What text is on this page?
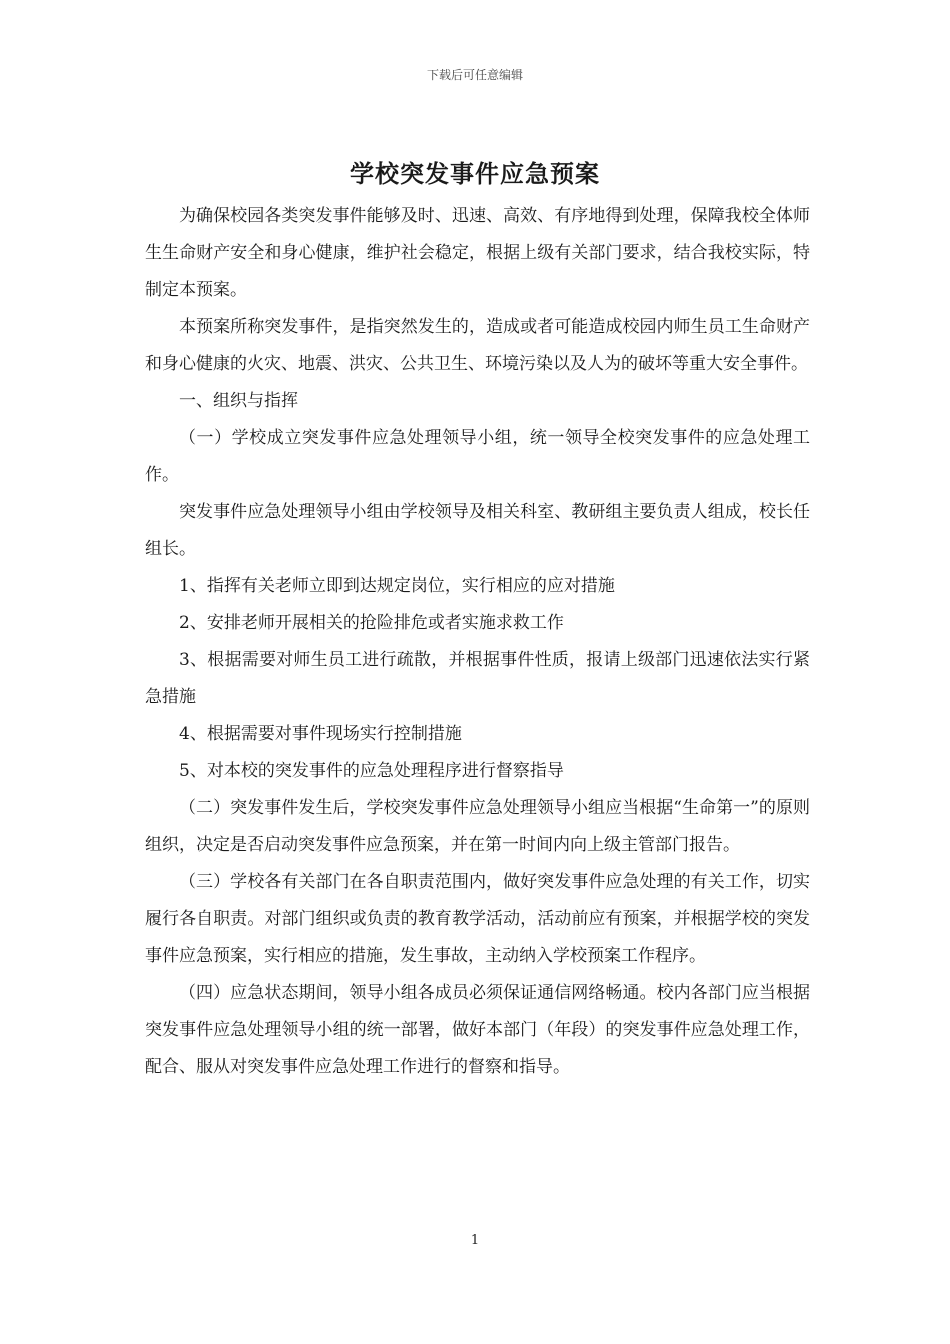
下载后可任意编辑
学校突发事件应急预案

为确保校园各类突发事件能够及时、迅速、高效、有序地得到处理，保障我校全体师生生命财产安全和身心健康，维护社会稳定，根据上级有关部门要求，结合我校实际，特制定本预案。

本预案所称突发事件，是指突然发生的，造成或者可能造成校园内师生员工生命财产和身心健康的火灾、地震、洪灾、公共卫生、环境污染以及人为的破坏等重大安全事件。

一、组织与指挥

（一）学校成立突发事件应急处理领导小组，统一领导全校突发事件的应急处理工作。

突发事件应急处理领导小组由学校领导及相关科室、教研组主要负责人组成，校长任组长。

1、指挥有关老师立即到达规定岗位，实行相应的应对措施

2、安排老师开展相关的抢险排危或者实施求救工作

3、根据需要对师生员工进行疏散，并根据事件性质，报请上级部门迅速依法实行紧急措施

4、根据需要对事件现场实行控制措施

5、对本校的突发事件的应急处理程序进行督察指导

（二）突发事件发生后，学校突发事件应急处理领导小组应当根据“生命第一”的原则组织，决定是否启动突发事件应急预案，并在第一时间内向上级主管部门报告。

（三）学校各有关部门在各自职责范围内，做好突发事件应急处理的有关工作，切实履行各自职责。对部门组织或负责的教育教学活动，活动前应有预案，并根据学校的突发事件应急预案，实行相应的措施，发生事故，主动纳入学校预案工作程序。

（四）应急状态期间，领导小组各成员必须保证通信网络畅通。校内各部门应当根据突发事件应急处理领导小组的统一部署，做好本部门（年段）的突发事件应急处理工作，配合、服从对突发事件应急处理工作进行的督察和指导。

1
